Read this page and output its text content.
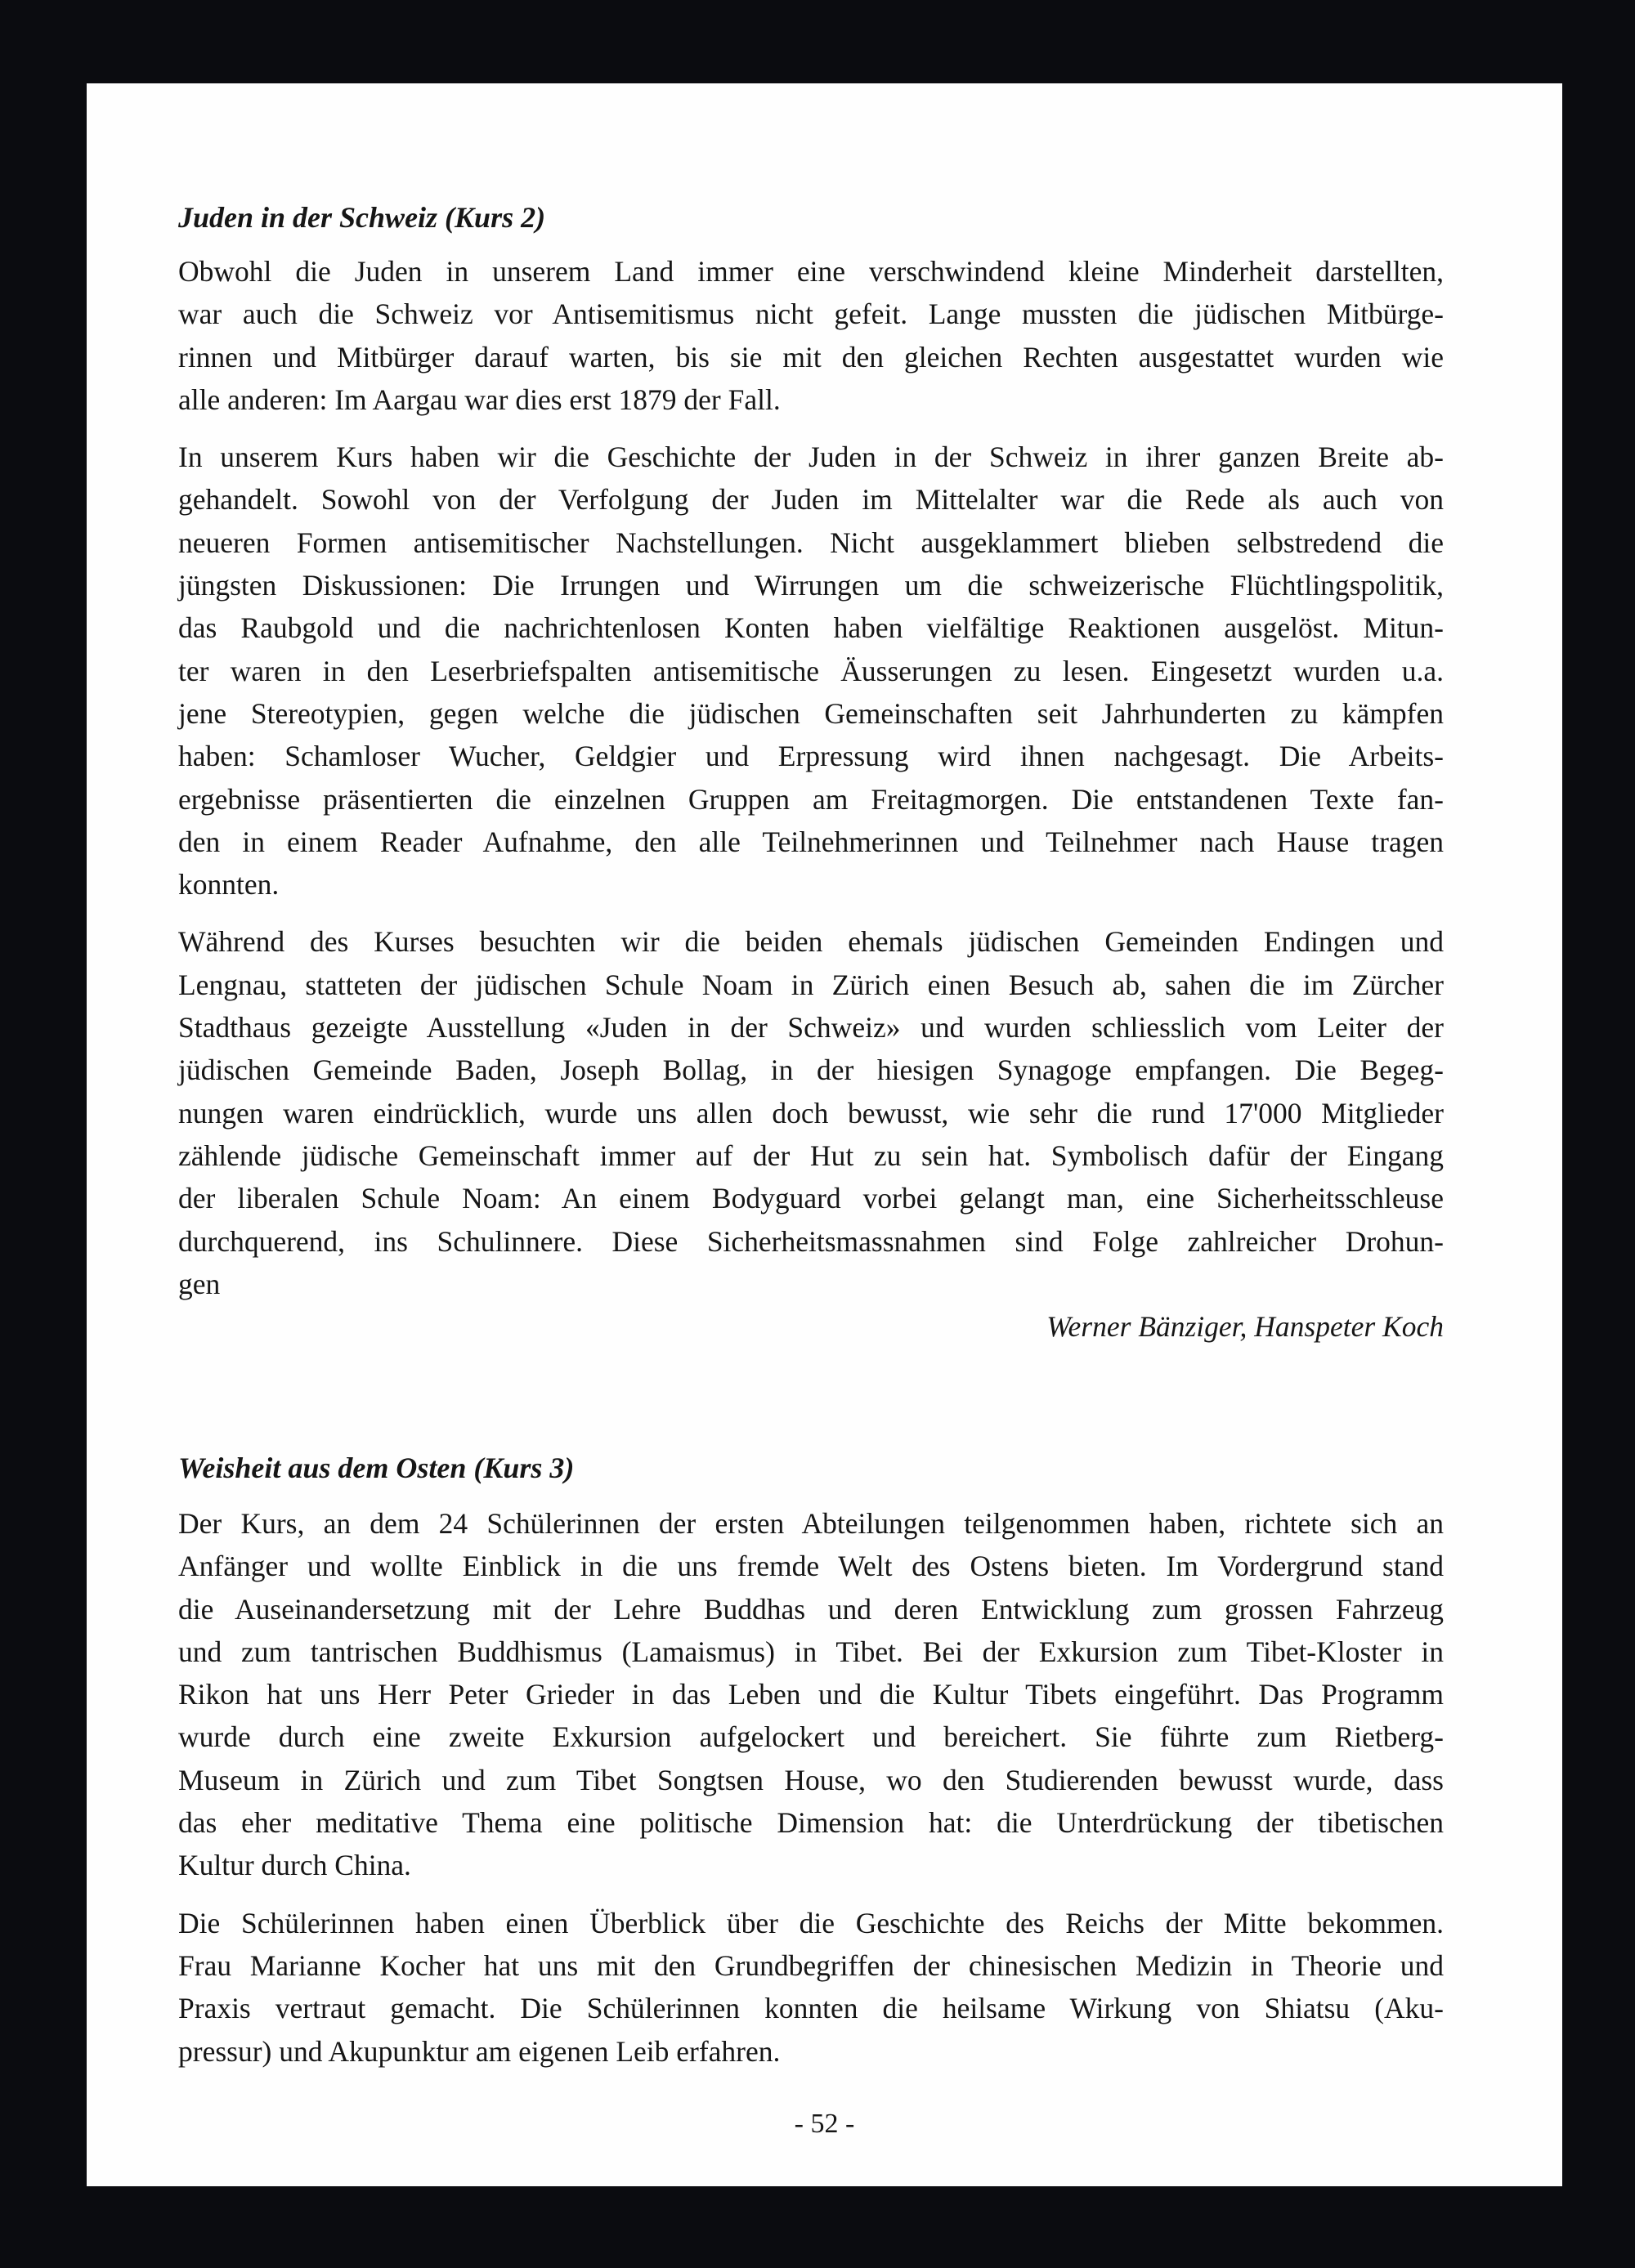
Juden in der Schweiz (Kurs 2)

Obwohl die Juden in unserem Land immer eine verschwindend kleine Minderheit darstellten,
war auch die Schweiz vor Antisemitismus nicht gefeit. Lange mussten die jüdischen Mitbürge-
rinnen und Mitbürger darauf warten, bis sie mit den gleichen Rechten ausgestattet wurden wie
alle anderen: Im Aargau war dies erst 1879 der Fall.

In unserem Kurs haben wir die Geschichte der Juden in der Schweiz in ihrer ganzen Breite ab-
gehandelt. Sowohl von der Verfolgung der Juden im Mittelalter war die Rede als auch von
neueren Formen antisemitischer Nachstellungen. Nicht ausgeklammert blieben selbstredend die
jüngsten Diskussionen: Die Irrungen und Wirrungen um die schweizerische Flüchtlingspolitik,
das Raubgold und die nachrichtenlosen Konten haben vielfältige Reaktionen ausgelöst. Mitun-
ter waren in den Leserbriefspalten antisemitische Äusserungen zu lesen. Eingesetzt wurden u.a.
jene Stereotypien, gegen welche die jüdischen Gemeinschaften seit Jahrhunderten zu kämpfen
haben: Schamloser Wucher, Geldgier und Erpressung wird ihnen nachgesagt. Die Arbeits-
ergebnisse präsentierten die einzelnen Gruppen am Freitagmorgen. Die entstandenen Texte fan-
den in einem Reader Aufnahme, den alle Teilnehmerinnen und Teilnehmer nach Hause tragen
konnten.

Während des Kurses besuchten wir die beiden ehemals jüdischen Gemeinden Endingen und
Lengnau, statteten der jüdischen Schule Noam in Zürich einen Besuch ab, sahen die im Zürcher
Stadthaus gezeigte Ausstellung «Juden in der Schweiz» und wurden schliesslich vom Leiter der
jüdischen Gemeinde Baden, Joseph Bollag, in der hiesigen Synagoge empfangen. Die Begeg-
nungen waren eindrücklich, wurde uns allen doch bewusst, wie sehr die rund 17'000 Mitglieder
zählende jüdische Gemeinschaft immer auf der Hut zu sein hat. Symbolisch dafür der Eingang
der liberalen Schule Noam: An einem Bodyguard vorbei gelangt man, eine Sicherheitsschleuse
durchquerend, ins Schulinnere. Diese Sicherheitsmassnahmen sind Folge zahlreicher Drohun-
gen

Werner Bänziger, Hanspeter Koch

Weisheit aus dem Osten (Kurs 3)

Der Kurs, an dem 24 Schülerinnen der ersten Abteilungen teilgenommen haben, richtete sich an
Anfänger und wollte Einblick in die uns fremde Welt des Ostens bieten. Im Vordergrund stand
die Auseinandersetzung mit der Lehre Buddhas und deren Entwicklung zum grossen Fahrzeug
und zum tantrischen Buddhismus (Lamaismus) in Tibet. Bei der Exkursion zum Tibet-Kloster in
Rikon hat uns Herr Peter Grieder in das Leben und die Kultur Tibets eingeführt. Das Programm
wurde durch eine zweite Exkursion aufgelockert und bereichert. Sie führte zum Rietberg-
Museum in Zürich und zum Tibet Songtsen House, wo den Studierenden bewusst wurde, dass
das eher meditative Thema eine politische Dimension hat: die Unterdrückung der tibetischen
Kultur durch China.

Die Schülerinnen haben einen Überblick über die Geschichte des Reichs der Mitte bekommen.
Frau Marianne Kocher hat uns mit den Grundbegriffen der chinesischen Medizin in Theorie und
Praxis vertraut gemacht. Die Schülerinnen konnten die heilsame Wirkung von Shiatsu (Aku-
pressur) und Akupunktur am eigenen Leib erfahren.

- 52 -
